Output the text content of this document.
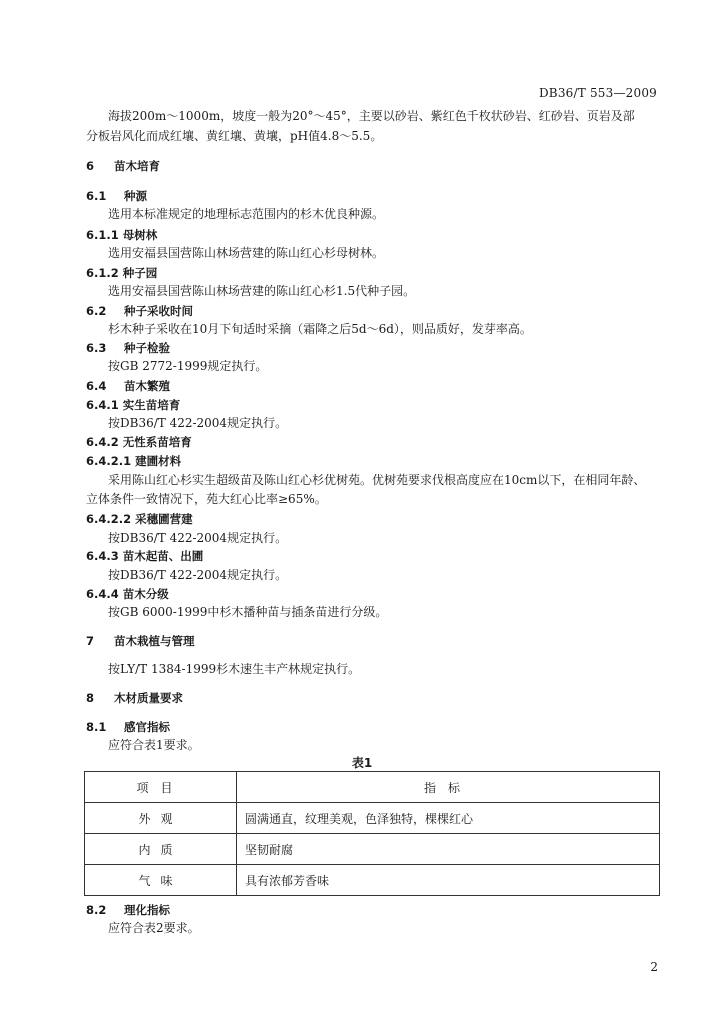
DB36/T 553—2009
海拔200m～1000m，坡度一般为20°～45°，主要以砂岩、紫红色千枚状砂岩、红砂岩、页岩及部
分板岩风化而成红壤、黄红壤、黄壤，pH值4.8～5.5。
6 苗木培育
6.1 种源
选用本标准规定的地理标志范围内的杉木优良种源。
6.1.1 母树林
选用安福县国营陈山林场营建的陈山红心杉母树林。
6.1.2 种子园
选用安福县国营陈山林场营建的陈山红心杉1.5代种子园。
6.2 种子采收时间
杉木种子采收在10月下旬适时采摘（霜降之后5d～6d），则品质好，发芽率高。
6.3 种子检验
按GB 2772-1999规定执行。
6.4 苗木繁殖
6.4.1 实生苗培育
按DB36/T 422-2004规定执行。
6.4.2 无性系苗培育
6.4.2.1 建圃材料
采用陈山红心杉实生超级苗及陈山红心杉优树苑。优树苑要求伐根高度应在10cm以下，在相同年龄、
立体条件一致情况下，苑大红心比率≥65%。
6.4.2.2 采穗圃营建
按DB36/T 422-2004规定执行。
6.4.3 苗木起苗、出圃
按DB36/T 422-2004规定执行。
6.4.4 苗木分级
按GB 6000-1999中杉木播种苗与插条苗进行分级。
7 苗木栽植与管理
按LY/T 1384-1999杉木速生丰产林规定执行。
8 木材质量要求
8.1 感官指标
应符合表1要求。
表1
项目	指标
外观	圆满通直，纹理美观，色泽独特，棵棵红心
内质	坚韧耐腐
气味	具有浓郁芳香味
8.2 理化指标
应符合表2要求。
2
